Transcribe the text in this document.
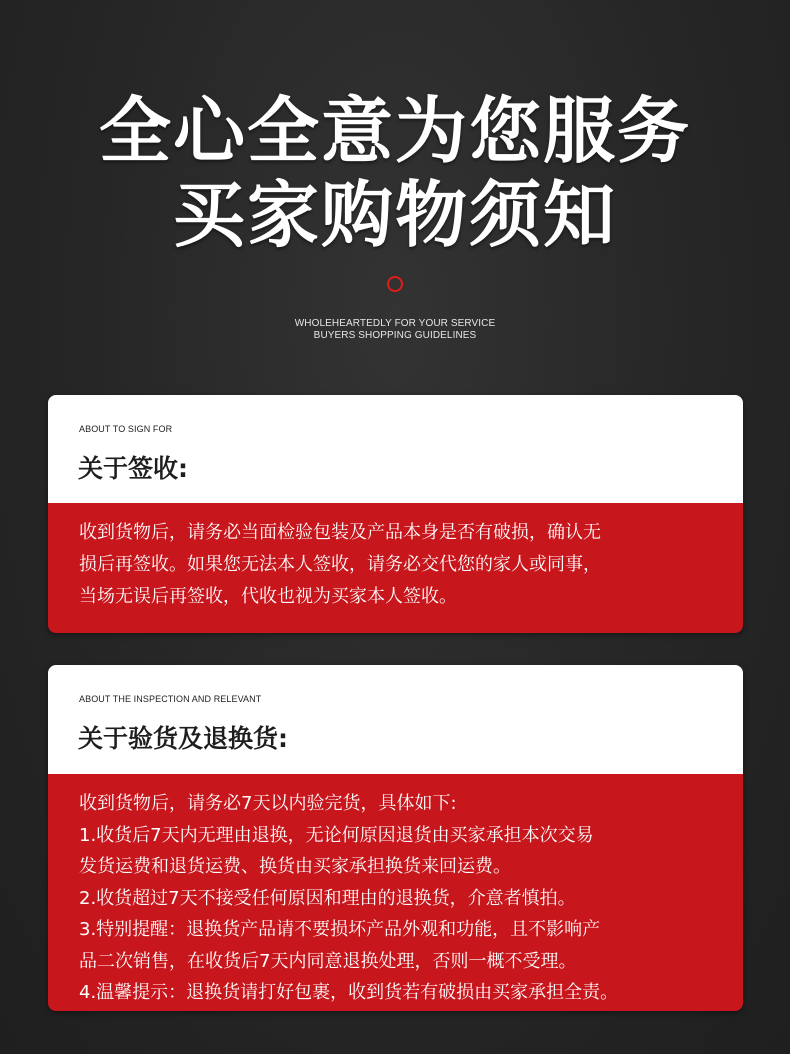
全心全意为您服务
买家购物须知
WHOLEHEARTEDLY FOR YOUR SERVICE
BUYERS SHOPPING GUIDELINES
ABOUT TO SIGN FOR
关于签收:
收到货物后，请务必当面检验包装及产品本身是否有破损，确认无
损后再签收。如果您无法本人签收，请务必交代您的家人或同事，
当场无误后再签收，代收也视为买家本人签收。
ABOUT THE INSPECTION AND RELEVANT
关于验货及退换货:
收到货物后，请务必7天以内验完货，具体如下:
1.收货后7天内无理由退换，无论何原因退货由买家承担本次交易
发货运费和退货运费、换货由买家承担换货来回运费。
2.收货超过7天不接受任何原因和理由的退换货，介意者慎拍。
3.特别提醒：退换货产品请不要损坏产品外观和功能，且不影响产
品二次销售，在收货后7天内同意退换处理，否则一概不受理。
4.温馨提示：退换货请打好包裹，收到货若有破损由买家承担全责。
